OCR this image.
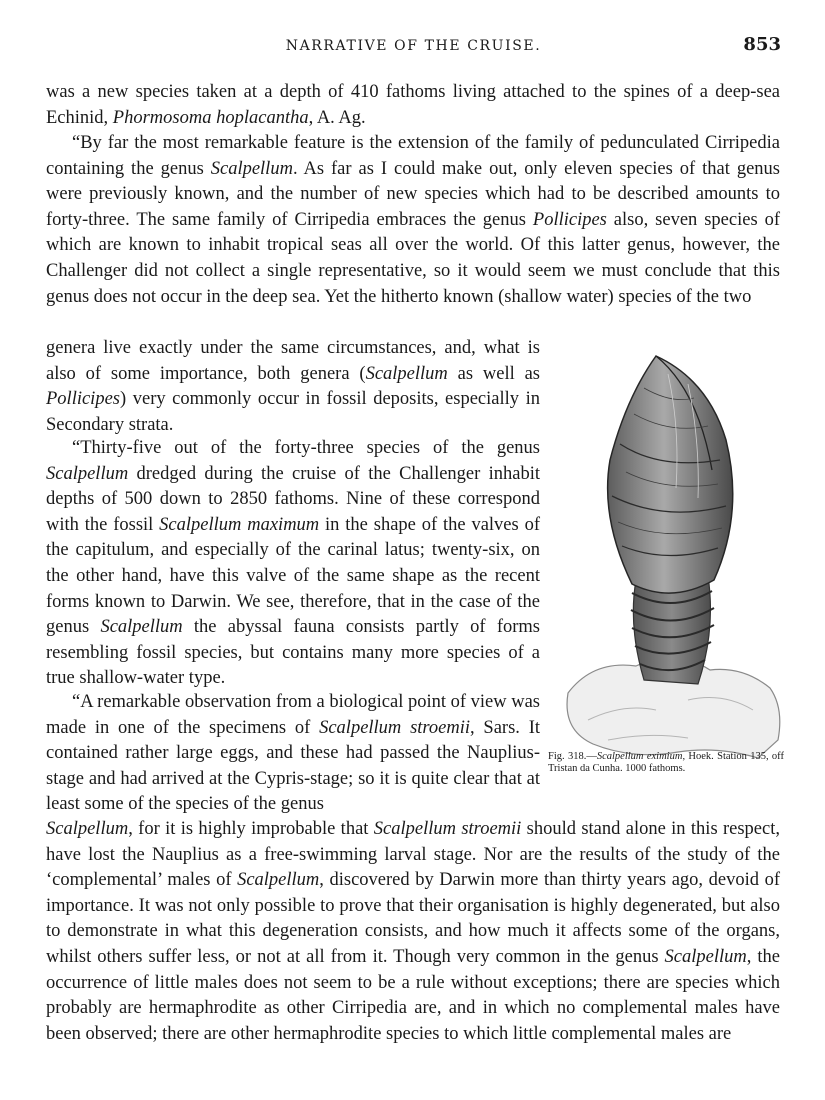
NARRATIVE OF THE CRUISE.	853

was a new species taken at a depth of 410 fathoms living attached to the spines of a deep-sea Echinid, Phormosoma hoplacantha, A. Ag.

“By far the most remarkable feature is the extension of the family of pedunculated Cirripedia containing the genus Scalpellum. As far as I could make out, only eleven species of that genus were previously known, and the number of new species which had to be described amounts to forty-three. The same family of Cirripedia embraces the genus Pollicipes also, seven species of which are known to inhabit tropical seas all over the world. Of this latter genus, however, the Challenger did not collect a single representative, so it would seem we must conclude that this genus does not occur in the deep sea. Yet the hitherto known (shallow water) species of the two

genera live exactly under the same circumstances, and, what is also of some importance, both genera (Scalpellum as well as Pollicipes) very commonly occur in fossil deposits, especially in Secondary strata.

“Thirty-five out of the forty-three species of the genus Scalpellum dredged during the cruise of the Challenger inhabit depths of 500 down to 2850 fathoms. Nine of these correspond with the fossil Scalpellum maximum in the shape of the valves of the capitulum, and especially of the carinal latus; twenty-six, on the other hand, have this valve of the same shape as the recent forms known to Darwin. We see, therefore, that in the case of the genus Scalpellum the abyssal fauna consists partly of forms resembling fossil species, but contains many more species of a true shallow-water type.

“A remarkable observation from a biological point of view was made in one of the specimens of Scalpellum stroemii, Sars. It contained rather large eggs, and these had passed the Nauplius-stage and had arrived at the Cypris-stage; so it is quite clear that at least some of the species of the genus

Scalpellum, for it is highly improbable that Scalpellum stroemii should stand alone in this respect, have lost the Nauplius as a free-swimming larval stage. Nor are the results of the study of the ‘complemental’ males of Scalpellum, discovered by Darwin more than thirty years ago, devoid of importance. It was not only possible to prove that their organisation is highly degenerated, but also to demonstrate in what this degeneration consists, and how much it affects some of the organs, whilst others suffer less, or not at all from it. Though very common in the genus Scalpellum, the occurrence of little males does not seem to be a rule without exceptions; there are species which probably are hermaphrodite as other Cirripedia are, and in which no complemental males have been observed; there are other hermaphrodite species to which little complemental males are

Fig. 318.—Scalpellum eximium, Hoek. Station 135, off Tristan da Cunha. 1000 fathoms.
